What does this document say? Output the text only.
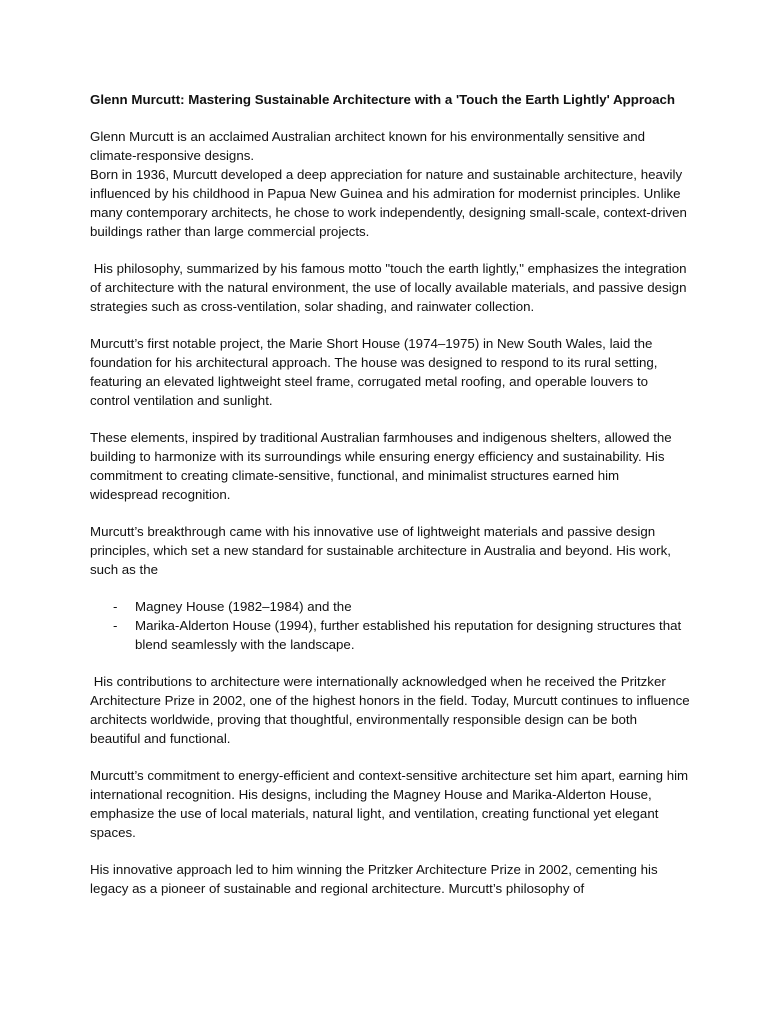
Glenn Murcutt: Mastering Sustainable Architecture with a 'Touch the Earth Lightly' Approach
Glenn Murcutt is an acclaimed Australian architect known for his environmentally sensitive and climate-responsive designs.
Born in 1936, Murcutt developed a deep appreciation for nature and sustainable architecture, heavily influenced by his childhood in Papua New Guinea and his admiration for modernist principles. Unlike many contemporary architects, he chose to work independently, designing small-scale, context-driven buildings rather than large commercial projects.
His philosophy, summarized by his famous motto "touch the earth lightly," emphasizes the integration of architecture with the natural environment, the use of locally available materials, and passive design strategies such as cross-ventilation, solar shading, and rainwater collection.
Murcutt’s first notable project, the Marie Short House (1974–1975) in New South Wales, laid the foundation for his architectural approach. The house was designed to respond to its rural setting, featuring an elevated lightweight steel frame, corrugated metal roofing, and operable louvers to control ventilation and sunlight.
These elements, inspired by traditional Australian farmhouses and indigenous shelters, allowed the building to harmonize with its surroundings while ensuring energy efficiency and sustainability. His commitment to creating climate-sensitive, functional, and minimalist structures earned him widespread recognition.
Murcutt’s breakthrough came with his innovative use of lightweight materials and passive design principles, which set a new standard for sustainable architecture in Australia and beyond. His work, such as the
- Magney House (1982–1984) and the
- Marika-Alderton House (1994), further established his reputation for designing structures that blend seamlessly with the landscape.
His contributions to architecture were internationally acknowledged when he received the Pritzker Architecture Prize in 2002, one of the highest honors in the field. Today, Murcutt continues to influence architects worldwide, proving that thoughtful, environmentally responsible design can be both beautiful and functional.
Murcutt’s commitment to energy-efficient and context-sensitive architecture set him apart, earning him international recognition. His designs, including the Magney House and Marika-Alderton House, emphasize the use of local materials, natural light, and ventilation, creating functional yet elegant spaces.
His innovative approach led to him winning the Pritzker Architecture Prize in 2002, cementing his legacy as a pioneer of sustainable and regional architecture. Murcutt’s philosophy of
